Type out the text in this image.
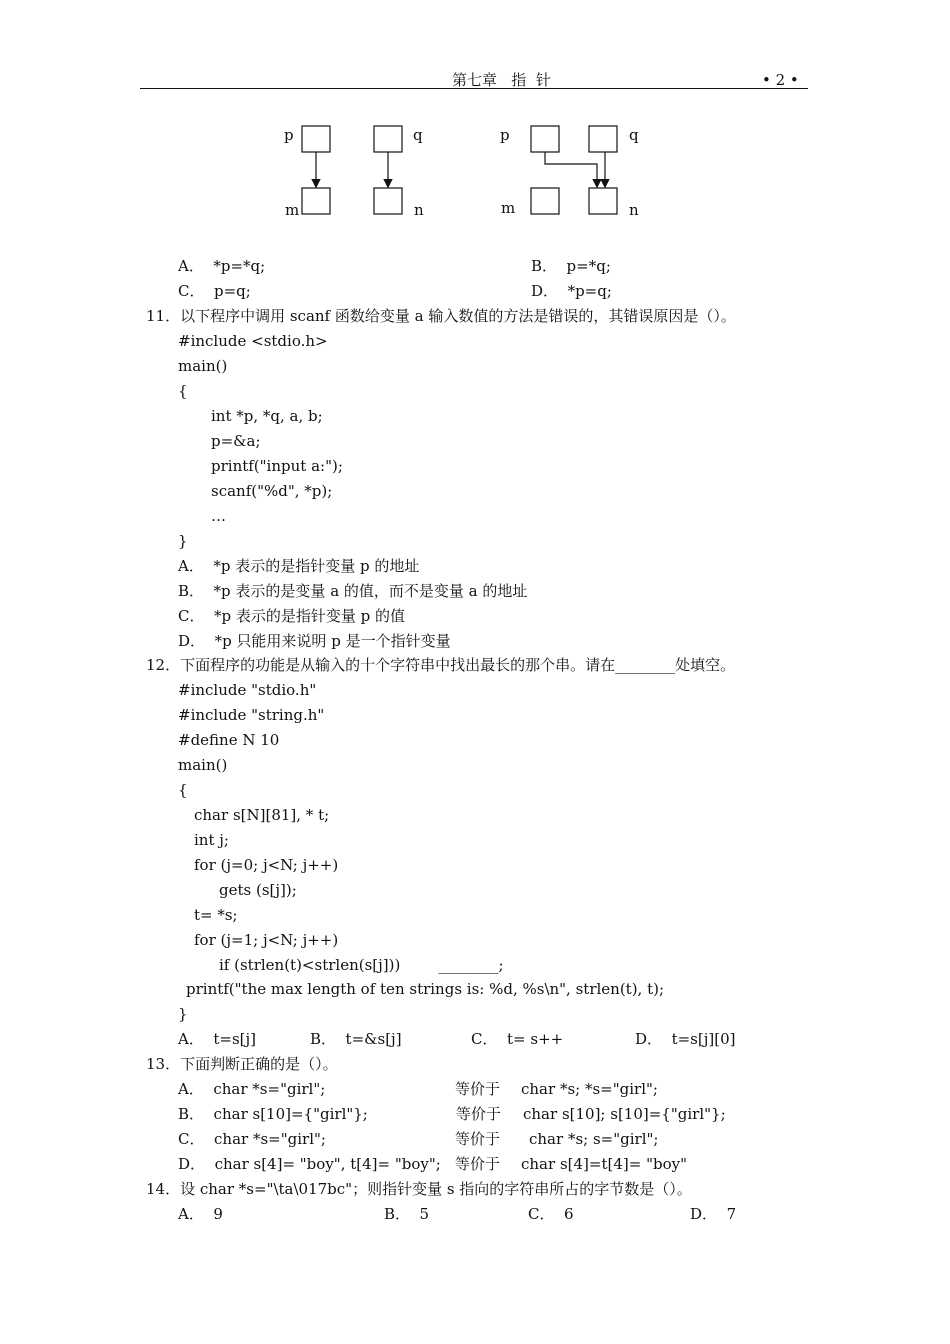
第七章   指  针	• 2 •
p	q
m	n
p	q
m	n
A．  *p=*q;	B．  p=*q;
C．  p=q;	D．  *p=q;
11．以下程序中调用 scanf 函数给变量 a 输入数值的方法是错误的，其错误原因是（）。
#include <stdio.h>
main()
{
int *p, *q, a, b;
p=&a;
printf("input a:");
scanf("%d", *p);
…
}
A．  *p 表示的是指针变量 p 的地址
B．  *p 表示的是变量 a 的值，而不是变量 a 的地址
C．  *p 表示的是指针变量 p 的值
D．  *p 只能用来说明 p 是一个指针变量
12．下面程序的功能是从输入的十个字符串中找出最长的那个串。请在________处填空。
#include "stdio.h"
#include "string.h"
#define N 10
main()
{
char s[N][81], * t;
int j;
for (j=0; j<N; j++)
gets (s[j]);
t= *s;
for (j=1; j<N; j++)
if (strlen(t)<strlen(s[j]))        ________;
printf("the max length of ten strings is: %d, %s\n", strlen(t), t);
}
A．  t=s[j]	B．  t=&s[j]	C．  t= s++	D．  t=s[j][0]
13．下面判断正确的是（）。
A．  char *s="girl";	等价于 char *s; *s="girl";
B．  char s[10]={"girl"};	等价于 char s[10]; s[10]={"girl"};
C．  char *s="girl";	等价于 char *s; s="girl";
D．  char s[4]= "boy", t[4]= "boy"; 等价于 char s[4]=t[4]= "boy"
14．设 char *s="\ta\017bc"；则指针变量 s 指向的字符串所占的字节数是（）。
A．  9	B．  5	C．  6	D．  7
